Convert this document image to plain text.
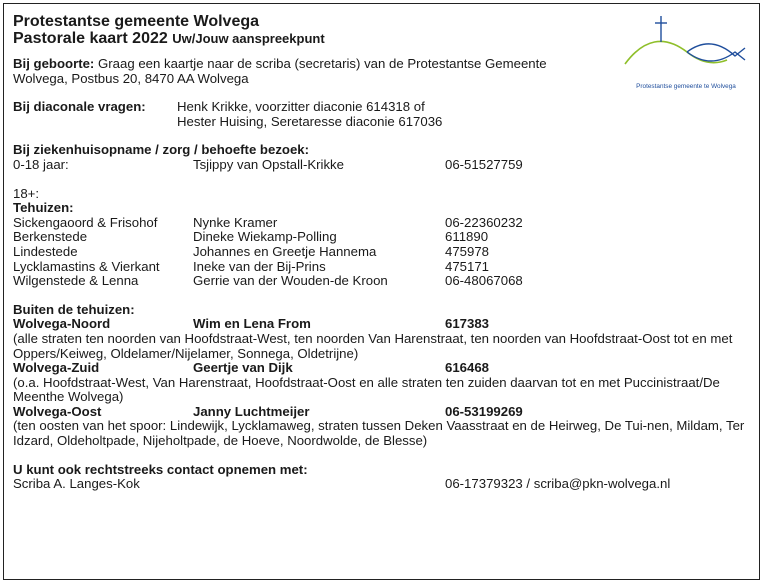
Protestantse gemeente te Wolvega
Protestantse gemeente Wolvega
Pastorale kaart 2022 Uw/Jouw aanspreekpunt
Bij geboorte: Graag een kaartje naar de scriba (secretaris) van de Protestantse Gemeente
Wolvega, Postbus 20, 8470 AA Wolvega
Bij diaconale vragen:	Henk Krikke, voorzitter diaconie 614318 of
Hester Huising, Seretaresse diaconie 617036
Bij ziekenhuisopname / zorg / behoefte bezoek:
0-18 jaar:	Tsjippy van Opstall-Krikke	06-51527759
18+:
Tehuizen:
Sickengaoord & Frisohof	Nynke Kramer	06-22360232
Berkenstede	Dineke Wiekamp-Polling	611890
Lindestede	Johannes en Greetje Hannema	475978
Lycklamastins & Vierkant	Ineke van der Bij-Prins	475171
Wilgenstede & Lenna	Gerrie van der Wouden-de Kroon	06-48067068
Buiten de tehuizen:
Wolvega-Noord	Wim en Lena From	617383
(alle straten ten noorden van Hoofdstraat-West, ten noorden Van Harenstraat, ten noorden van Hoofdstraat-Oost tot en met Oppers/Keiweg, Oldelamer/Nijelamer, Sonnega, Oldetrijne)
Wolvega-Zuid	Geertje van Dijk	616468
(o.a. Hoofdstraat-West, Van Harenstraat, Hoofdstraat-Oost en alle straten ten zuiden daarvan tot en met Puccinistraat/De Meenthe Wolvega)
Wolvega-Oost	Janny Luchtmeijer	06-53199269
(ten oosten van het spoor: Lindewijk, Lycklamaweg, straten tussen Deken Vaasstraat en de Heirweg, De Tui-nen, Mildam, Ter Idzard, Oldeholtpade, Nijeholtpade, de Hoeve, Noordwolde, de Blesse)
U kunt ook rechtstreeks contact opnemen met:
Scriba A. Langes-Kok	06-17379323 / scriba@pkn-wolvega.nl
